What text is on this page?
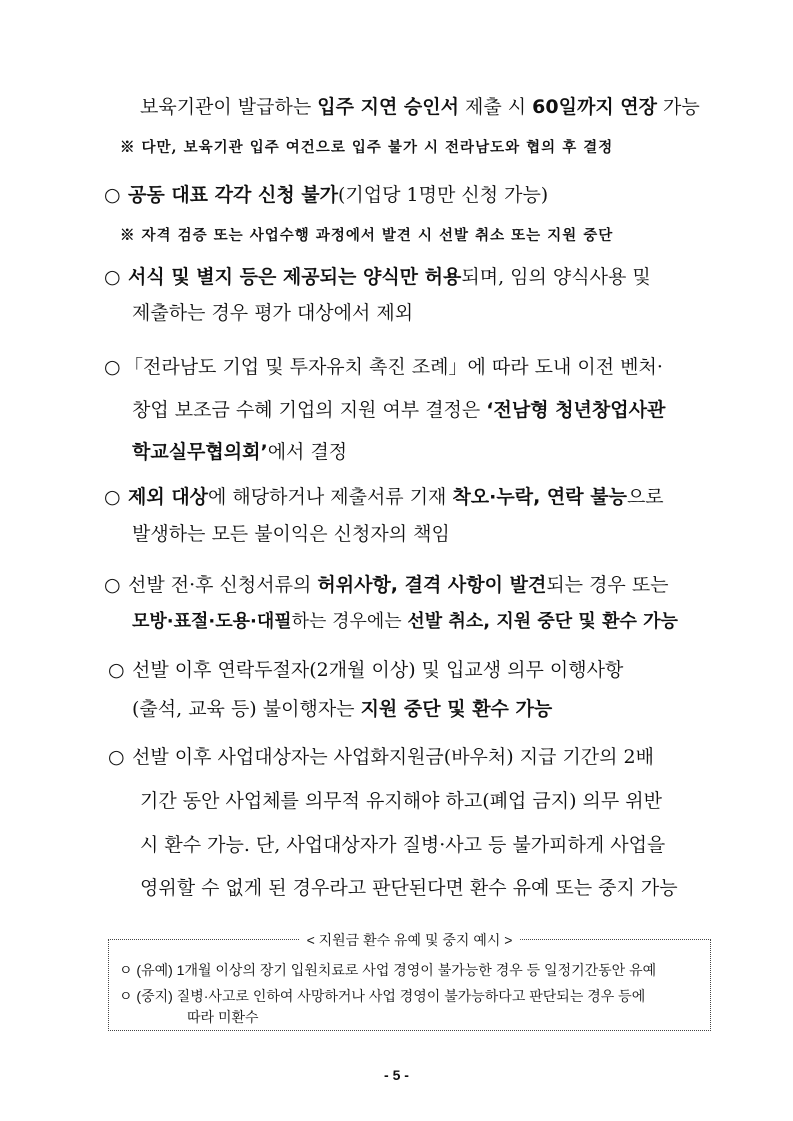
보육기관이 발급하는 입주 지연 승인서 제출 시 60일까지 연장 가능
※ 다만, 보육기관 입주 여건으로 입주 불가 시 전라남도와 협의 후 결정
○ 공동 대표 각각 신청 불가(기업당 1명만 신청 가능)
※ 자격 검증 또는 사업수행 과정에서 발견 시 선발 취소 또는 지원 중단
○ 서식 및 별지 등은 제공되는 양식만 허용되며, 임의 양식사용 및
제출하는 경우 평가 대상에서 제외
○ 「전라남도 기업 및 투자유치 촉진 조례」에 따라 도내 이전 벤처·
창업 보조금 수혜 기업의 지원 여부 결정은 ‘전남형 청년창업사관
학교실무협의회’에서 결정
○ 제외 대상에 해당하거나 제출서류 기재 착오·누락, 연락 불능으로
발생하는 모든 불이익은 신청자의 책임
○ 선발 전·후 신청서류의 허위사항, 결격 사항이 발견되는 경우 또는
모방·표절·도용·대필하는 경우에는 선발 취소, 지원 중단 및 환수 가능
○ 선발 이후 연락두절자(2개월 이상) 및 입교생 의무 이행사항
(출석, 교육 등) 불이행자는 지원 중단 및 환수 가능
○ 선발 이후 사업대상자는 사업화지원금(바우처) 지급 기간의 2배
기간 동안 사업체를 의무적 유지해야 하고(폐업 금지) 의무 위반
시 환수 가능. 단, 사업대상자가 질병·사고 등 불가피하게 사업을
영위할 수 없게 된 경우라고 판단된다면 환수 유예 또는 중지 가능
< 지원금 환수 유예 및 중지 예시 >
ㅇ (유예) 1개월 이상의 장기 입원치료로 사업 경영이 불가능한 경우 등 일정기간동안 유예
ㅇ (중지) 질병·사고로 인하여 사망하거나 사업 경영이 불가능하다고 판단되는 경우 등에
따라 미환수
- 5 -
